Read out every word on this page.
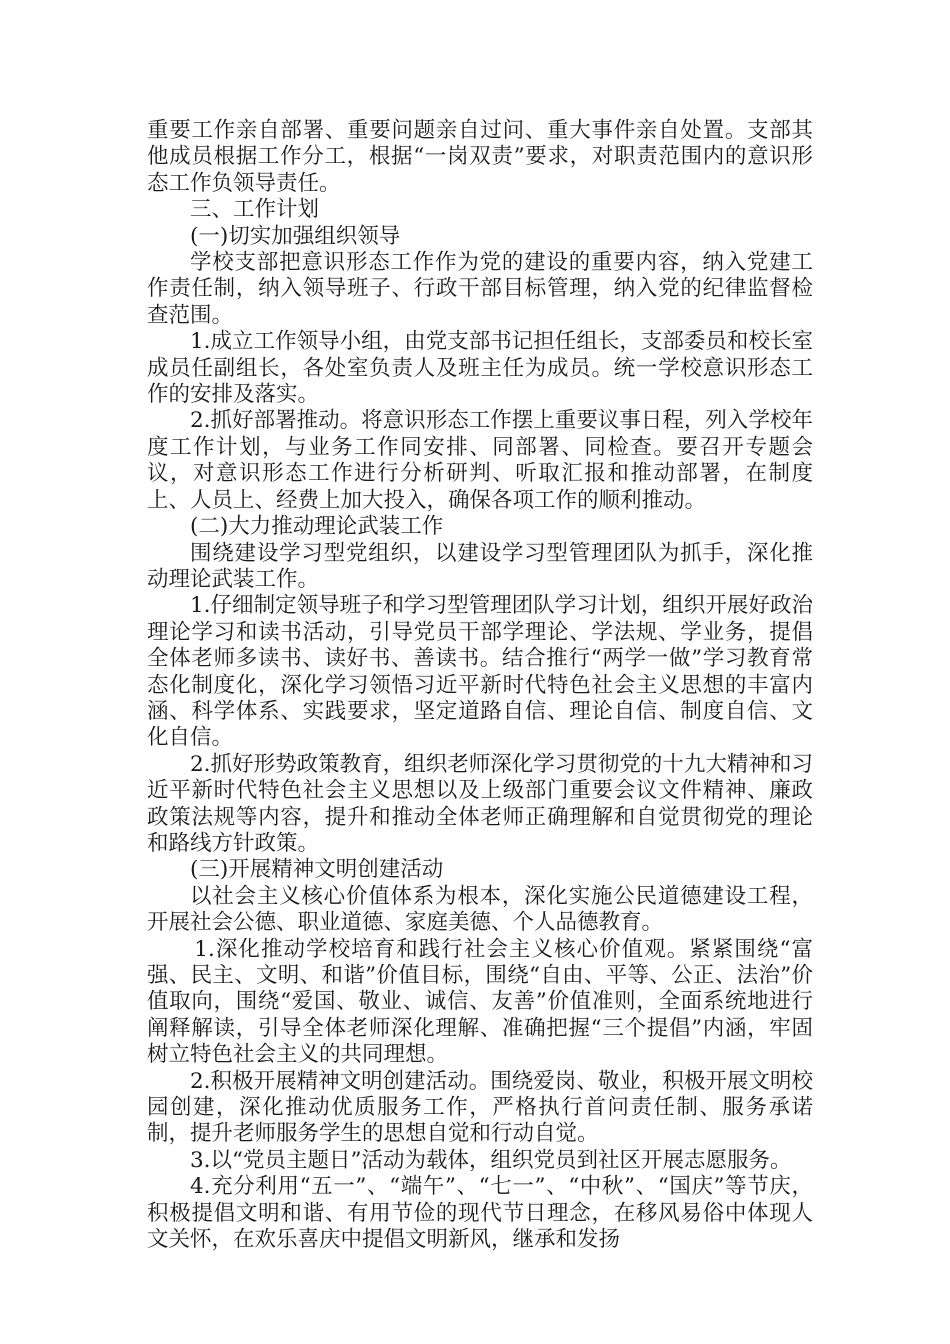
重要工作亲自部署、重要问题亲自过问、重大事件亲自处置。支部其他成员根据工作分工，根据“一岗双责”要求，对职责范围内的意识形态工作负领导责任。

三、工作计划

(一)切实加强组织领导

学校支部把意识形态工作作为党的建设的重要内容，纳入党建工作责任制，纳入领导班子、行政干部目标管理，纳入党的纪律监督检查范围。

1.成立工作领导小组，由党支部书记担任组长，支部委员和校长室成员任副组长，各处室负责人及班主任为成员。统一学校意识形态工作的安排及落实。

2.抓好部署推动。将意识形态工作摆上重要议事日程，列入学校年度工作计划，与业务工作同安排、同部署、同检查。要召开专题会议，对意识形态工作进行分析研判、听取汇报和推动部署，在制度上、人员上、经费上加大投入，确保各项工作的顺利推动。

(二)大力推动理论武装工作

围绕建设学习型党组织，以建设学习型管理团队为抓手，深化推动理论武装工作。

1.仔细制定领导班子和学习型管理团队学习计划，组织开展好政治理论学习和读书活动，引导党员干部学理论、学法规、学业务，提倡全体老师多读书、读好书、善读书。结合推行“两学一做”学习教育常态化制度化，深化学习领悟习近平新时代特色社会主义思想的丰富内涵、科学体系、实践要求，坚定道路自信、理论自信、制度自信、文化自信。

2.抓好形势政策教育，组织老师深化学习贯彻党的十九大精神和习近平新时代特色社会主义思想以及上级部门重要会议文件精神、廉政政策法规等内容，提升和推动全体老师正确理解和自觉贯彻党的理论和路线方针政策。

(三)开展精神文明创建活动

以社会主义核心价值体系为根本，深化实施公民道德建设工程，开展社会公德、职业道德、家庭美德、个人品德教育。

1.深化推动学校培育和践行社会主义核心价值观。紧紧围绕“富强、民主、文明、和谐”价值目标，围绕“自由、平等、公正、法治”价值取向，围绕“爱国、敬业、诚信、友善”价值准则，全面系统地进行阐释解读，引导全体老师深化理解、准确把握“三个提倡”内涵，牢固树立特色社会主义的共同理想。

2.积极开展精神文明创建活动。围绕爱岗、敬业，积极开展文明校园创建，深化推动优质服务工作，严格执行首问责任制、服务承诺制，提升老师服务学生的思想自觉和行动自觉。

3.以“党员主题日”活动为载体，组织党员到社区开展志愿服务。

4.充分利用“五一”、“端午”、“七一”、“中秋”、“国庆”等节庆，积极提倡文明和谐、有用节俭的现代节日理念，在移风易俗中体现人文关怀，在欢乐喜庆中提倡文明新风，继承和发扬
